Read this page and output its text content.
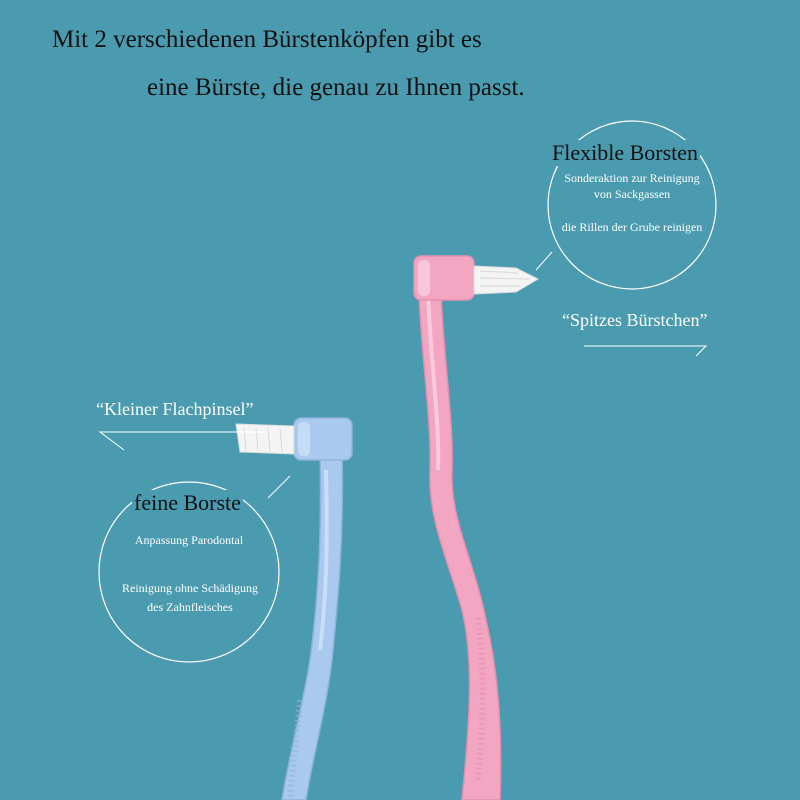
Mit 2 verschiedenen Bürstenköpfen gibt es
eine Bürste, die genau zu Ihnen passt.
Flexible Borsten
Sonderaktion zur Reinigung
von Sackgassen
die Rillen der Grube reinigen
“Spitzes Bürstchen”
“Kleiner Flachpinsel”
feine Borste
Anpassung Parodontal
Reinigung ohne Schädigung
des Zahnfleisches
